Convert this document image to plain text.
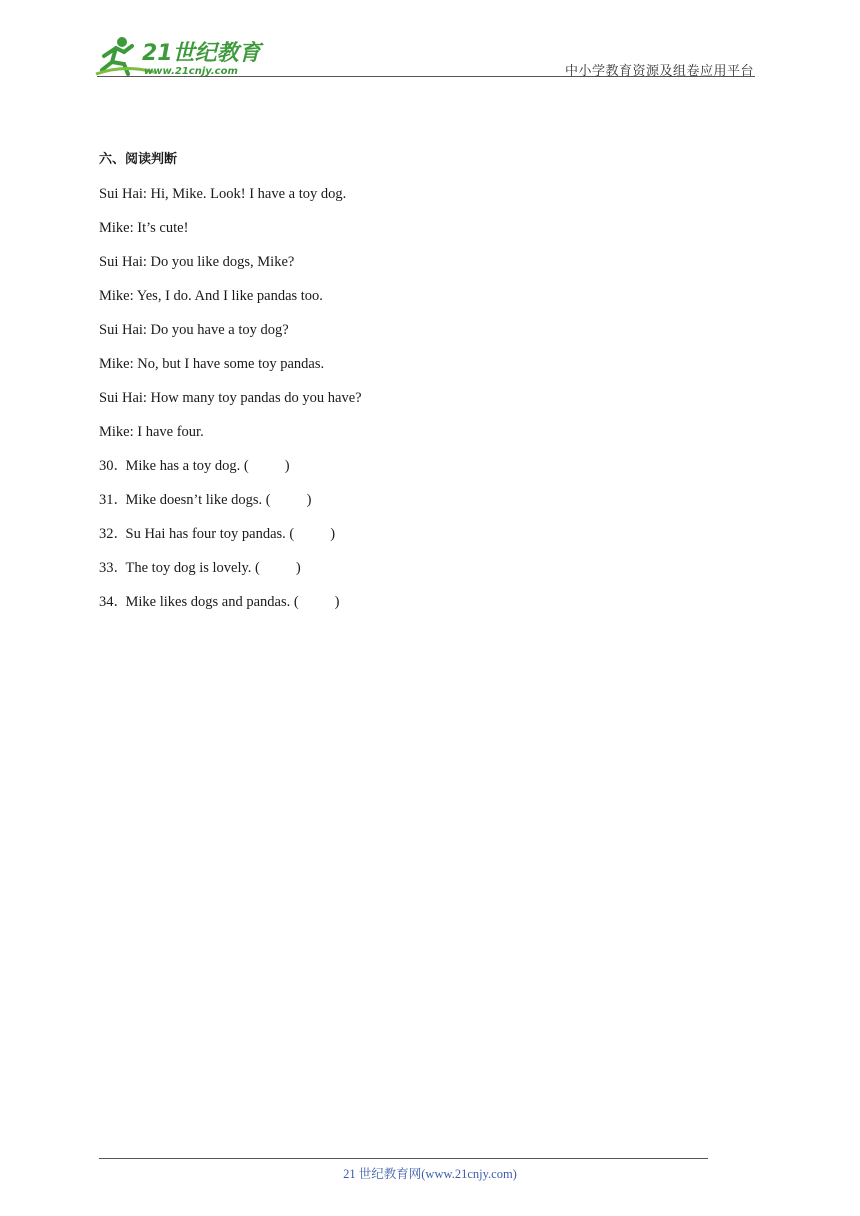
21世纪教育
www.21cnjy.com	中小学教育资源及组卷应用平台
六、阅读判断
Sui Hai: Hi, Mike. Look! I have a toy dog.
Mike: It’s cute!
Sui Hai: Do you like dogs, Mike?
Mike: Yes, I do. And I like pandas too.
Sui Hai: Do you have a toy dog?
Mike: No, but I have some toy pandas.
Sui Hai: How many toy pandas do you have?
Mike: I have four.
30．Mike has a toy dog. ( )
31．Mike doesn’t like dogs. ( )
32．Su Hai has four toy pandas. ( )
33．The toy dog is lovely. ( )
34．Mike likes dogs and pandas. ( )
21 世纪教育网(www.21cnjy.com)
